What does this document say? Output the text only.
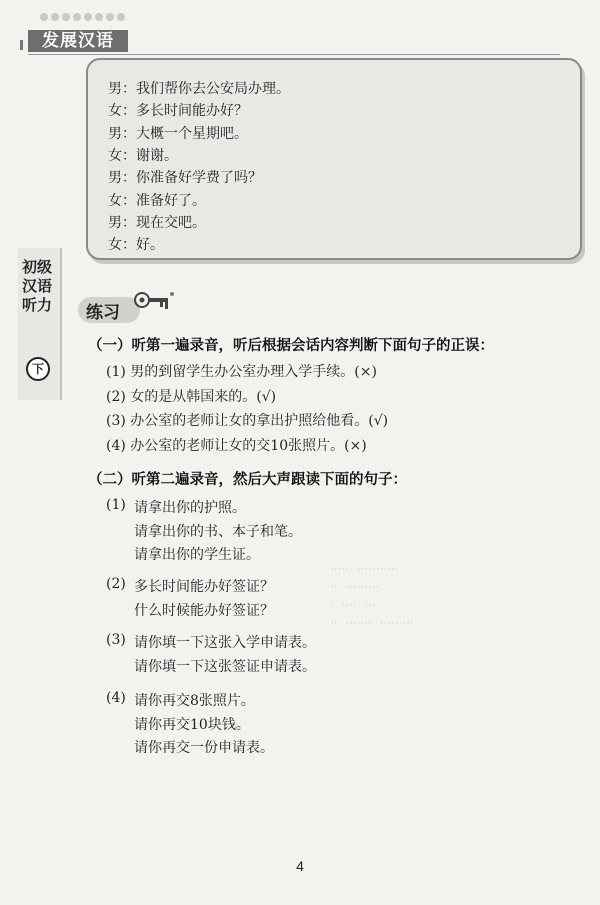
·····  ···········
··  ·········
·  ····  ···
··  ·······  ·········
发展汉语
初级汉语听力
下
男：我们帮你去公安局办理。
女：多长时间能办好？
男：大概一个星期吧。
女：谢谢。
男：你准备好学费了吗？
女：准备好了。
男：现在交吧。
女：好。
练习
（一）听第一遍录音，听后根据会话内容判断下面句子的正误：
(1) 男的到留学生办公室办理入学手续。(×)
(2) 女的是从韩国来的。(√)
(3) 办公室的老师让女的拿出护照给他看。(√)
(4) 办公室的老师让女的交10张照片。(×)
（二）听第二遍录音，然后大声跟读下面的句子：
(1) 请拿出你的护照。
请拿出你的书、本子和笔。
请拿出你的学生证。
(2) 多长时间能办好签证？
什么时候能办好签证？
(3) 请你填一下这张入学申请表。
请你填一下这张签证申请表。
(4) 请你再交8张照片。
请你再交10块钱。
请你再交一份申请表。
4
